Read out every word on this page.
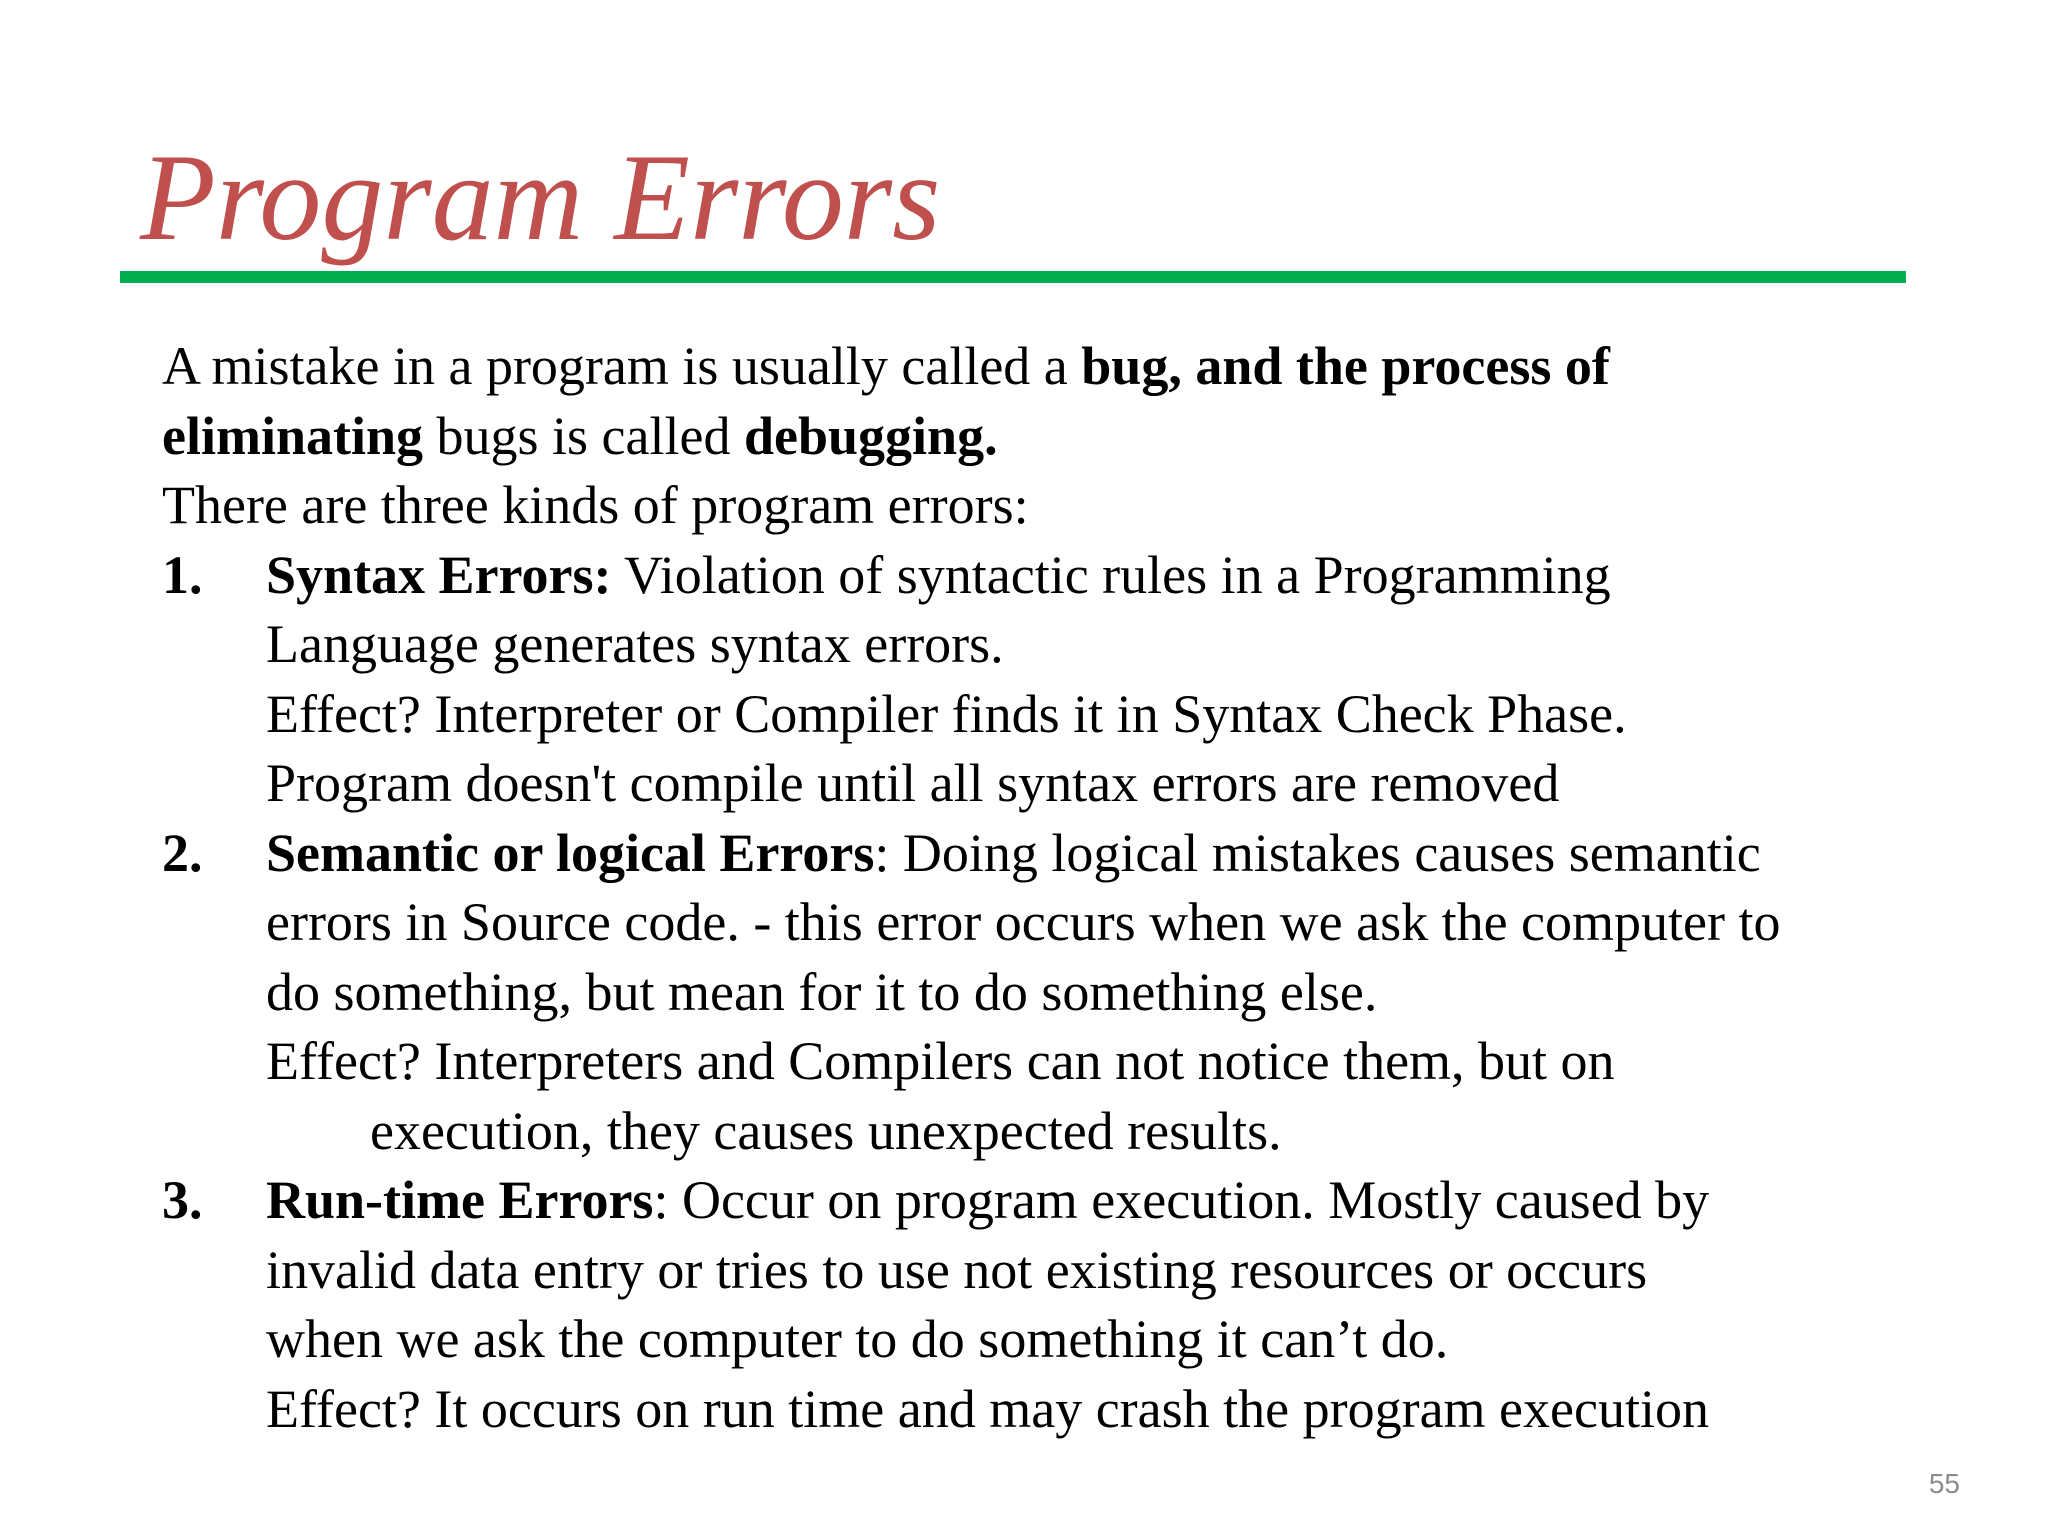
Program Errors
A mistake in a program is usually called a bug, and the process of
eliminating bugs is called debugging.
There are three kinds of program errors:
1. Syntax Errors: Violation of syntactic rules in a Programming
Language generates syntax errors.
Effect? Interpreter or Compiler finds it in Syntax Check Phase.
Program doesn't compile until all syntax errors are removed
2. Semantic or logical Errors: Doing logical mistakes causes semantic
errors in Source code. - this error occurs when we ask the computer to
do something, but mean for it to do something else.
Effect? Interpreters and Compilers can not notice them, but on
execution, they causes unexpected results.
3. Run-time Errors: Occur on program execution. Mostly caused by
invalid data entry or tries to use not existing resources or occurs
when we ask the computer to do something it can’t do.
Effect? It occurs on run time and may crash the program execution
55
